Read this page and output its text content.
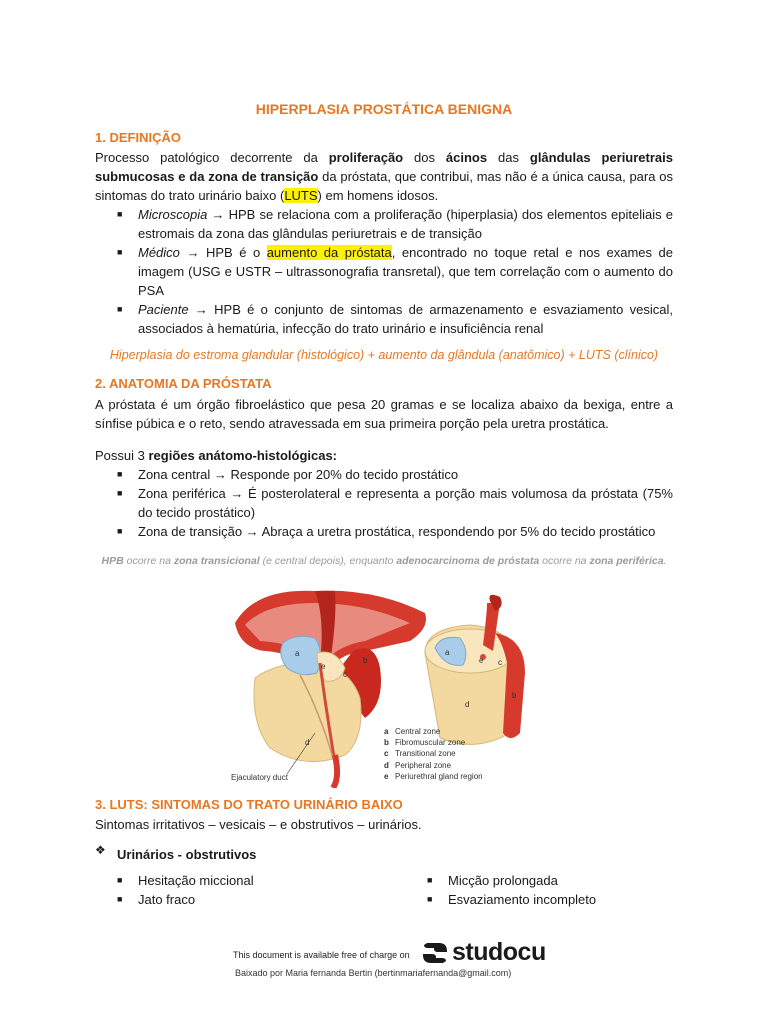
HIPERPLASIA PROSTÁTICA BENIGNA
1. DEFINIÇÃO
Processo patológico decorrente da proliferação dos ácinos das glândulas periuretrais submucosas e da zona de transição da próstata, que contribui, mas não é a única causa, para os sintomas do trato urinário baixo (LUTS) em homens idosos.
■	Microscopia → HPB se relaciona com a proliferação (hiperplasia) dos elementos epiteliais e estromais da zona das glândulas periuretrais e de transição
■	Médico → HPB é o aumento da próstata, encontrado no toque retal e nos exames de imagem (USG e USTR – ultrassonografia transretal), que tem correlação com o aumento do PSA
■	Paciente → HPB é o conjunto de sintomas de armazenamento e esvaziamento vesical, associados à hematúria, infecção do trato urinário e insuficiência renal
Hiperplasia do estroma glandular (histológico) + aumento da glândula (anatômico) + LUTS (clínico)
2. ANATOMIA DA PRÓSTATA
A próstata é um órgão fibroelástico que pesa 20 gramas e se localiza abaixo da bexiga, entre a sínfise púbica e o reto, sendo atravessada em sua primeira porção pela uretra prostática.
Possui 3 regiões anátomo-histológicas:
■	Zona central → Responde por 20% do tecido prostático
■	Zona periférica → É posterolateral e representa a porção mais volumosa da próstata (75% do tecido prostático)
■	Zona de transição → Abraça a uretra prostática, respondendo por 5% do tecido prostático
HPB ocorre na zona transicional (e central depois), enquanto adenocarcinoma de próstata ocorre na zona periférica.
a
b
c
d
e
a
b
c
d
e
a Central zone
b Fibromuscular zone
c Transitional zone
d Peripheral zone
e Periurethral gland region
Ejaculatory duct
3. LUTS: SINTOMAS DO TRATO URINÁRIO BAIXO
Sintomas irritativos – vesicais – e obstrutivos – urinários.
❖ Urinários - obstrutivos
■	Hesitação miccional
■	Jato fraco
■	Micção prolongada
■	Esvaziamento incompleto
This document is available free of charge on studocu
Baixado por Maria fernanda Bertin (bertinmariafernanda@gmail.com)
